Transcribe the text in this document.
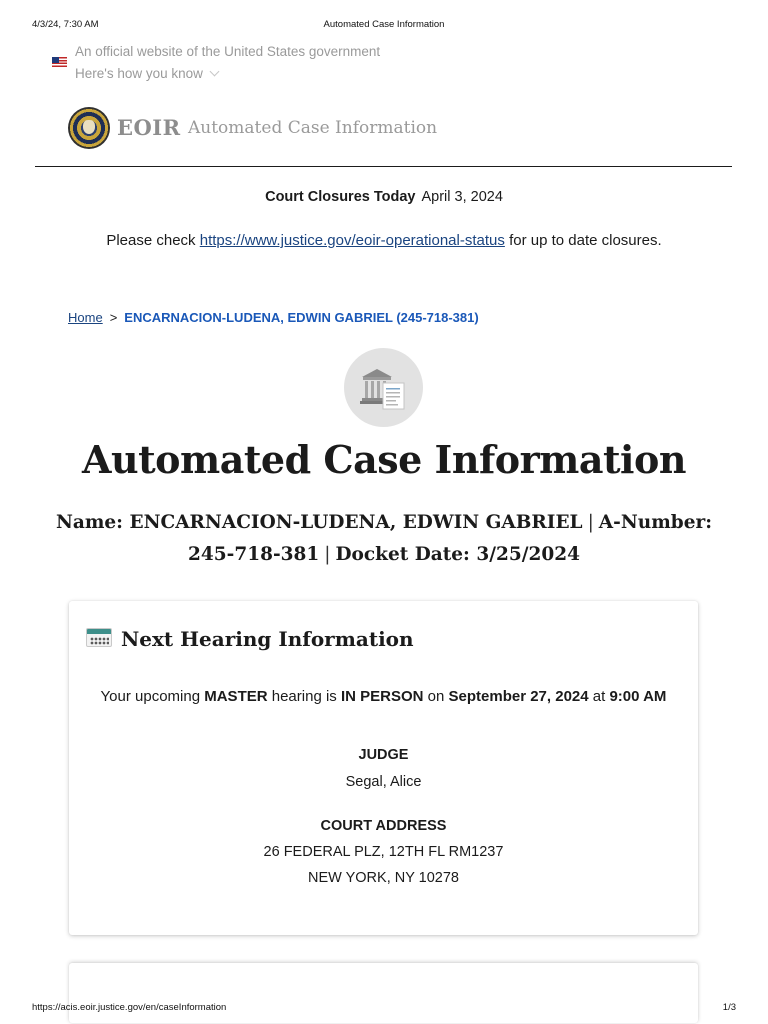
4/3/24, 7:30 AM	Automated Case Information
An official website of the United States government
Here's how you know
EOIR Automated Case Information
Court Closures Today April 3, 2024
Please check https://www.justice.gov/eoir-operational-status for up to date closures.
Home > ENCARNACION-LUDENA, EDWIN GABRIEL (245-718-381)
Automated Case Information
Name: ENCARNACION-LUDENA, EDWIN GABRIEL | A-Number: 245-718-381 | Docket Date: 3/25/2024
Next Hearing Information
Your upcoming MASTER hearing is IN PERSON on September 27, 2024 at 9:00 AM
JUDGE
Segal, Alice
COURT ADDRESS
26 FEDERAL PLZ, 12TH FL RM1237
NEW YORK, NY 10278
https://acis.eoir.justice.gov/en/caseInformation	1/3
